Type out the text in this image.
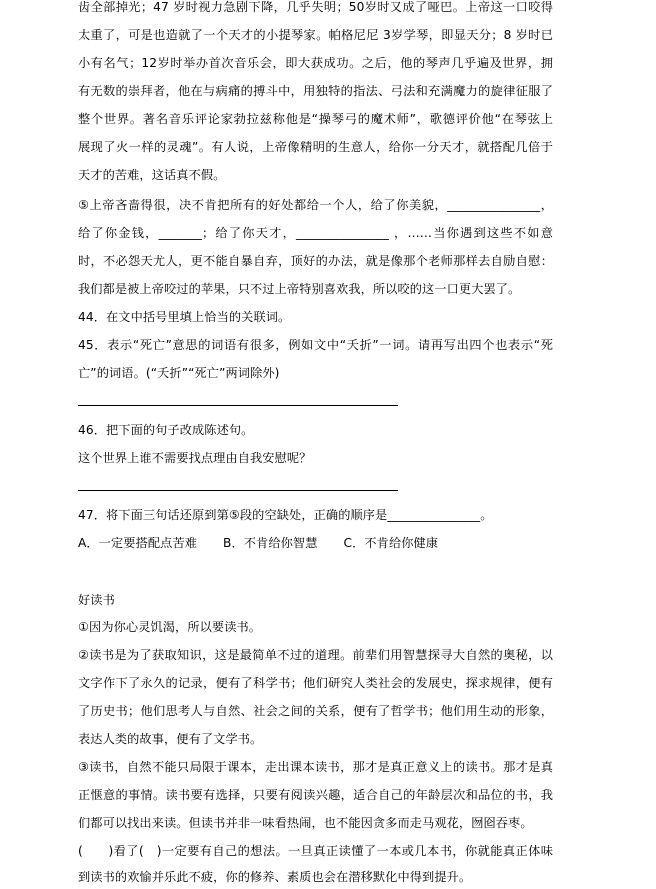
齿全部掉光；47 岁时视力急剧下降，几乎失明；50岁时又成了哑巴。上帝这一口咬得
太重了，可是也造就了一个天才的小提琴家。帕格尼尼 3岁学琴，即显天分；8 岁时已
小有名气；12岁时举办首次音乐会，即大获成功。之后，他的琴声几乎遍及世界，拥
有无数的崇拜者，他在与病痛的搏斗中，用独特的指法、弓法和充满魔力的旋律征服了
整个世界。著名音乐评论家勃拉兹称他是“操琴弓的魔术师”，歌德评价他“在琴弦上
展现了火一样的灵魂”。有人说，上帝像精明的生意人，给你一分天才，就搭配几倍于
天才的苦难，这话真不假。
⑤上帝吝啬得很，决不肯把所有的好处都给一个人，给了你美貌，_______________，
给了你金钱，_______；给了你天才，_______________ ，……当你遇到这些不如意
时，不必怨天尤人，更不能自暴自弃，顶好的办法，就是像那个老师那样去自励自慰：
我们都是被上帝咬过的苹果，只不过上帝特别喜欢我，所以咬的这一口更大罢了。
44．在文中括号里填上恰当的关联词。
45．表示“死亡”意思的词语有很多，例如文中“夭折”一词。请再写出四个也表示“死
亡”的词语。(“夭折”“死亡”两词除外)
46．把下面的句子改成陈述句。
这个世界上谁不需要找点理由自我安慰呢？
47．将下面三句话还原到第⑤段的空缺处，正确的顺序是_______________。
A．一定要搭配点苦难 B．不肯给你智慧 C．不肯给你健康
好读书
①因为你心灵饥渴，所以要读书。
②读书是为了获取知识，这是最简单不过的道理。前辈们用智慧探寻大自然的奥秘，以
文字作下了永久的记录，便有了科学书；他们研究人类社会的发展史，探求规律，便有
了历史书；他们思考人与自然、社会之间的关系，便有了哲学书；他们用生动的形象，
表达人类的故事，便有了文学书。
③读书，自然不能只局限于课本，走出课本读书，那才是真正意义上的读书。那才是真
正惬意的事情。读书要有选择，只要有阅读兴趣，适合自己的年龄层次和品位的书，我
们都可以找出来读。但读书并非一味看热闹，也不能因贪多而走马观花，囫囵吞枣。
(　　)看了(　)一定要有自己的想法。一旦真正读懂了一本或几本书，你就能真正体味
到读书的欢愉并乐此不疲，你的修养、素质也会在潜移默化中得到提升。
